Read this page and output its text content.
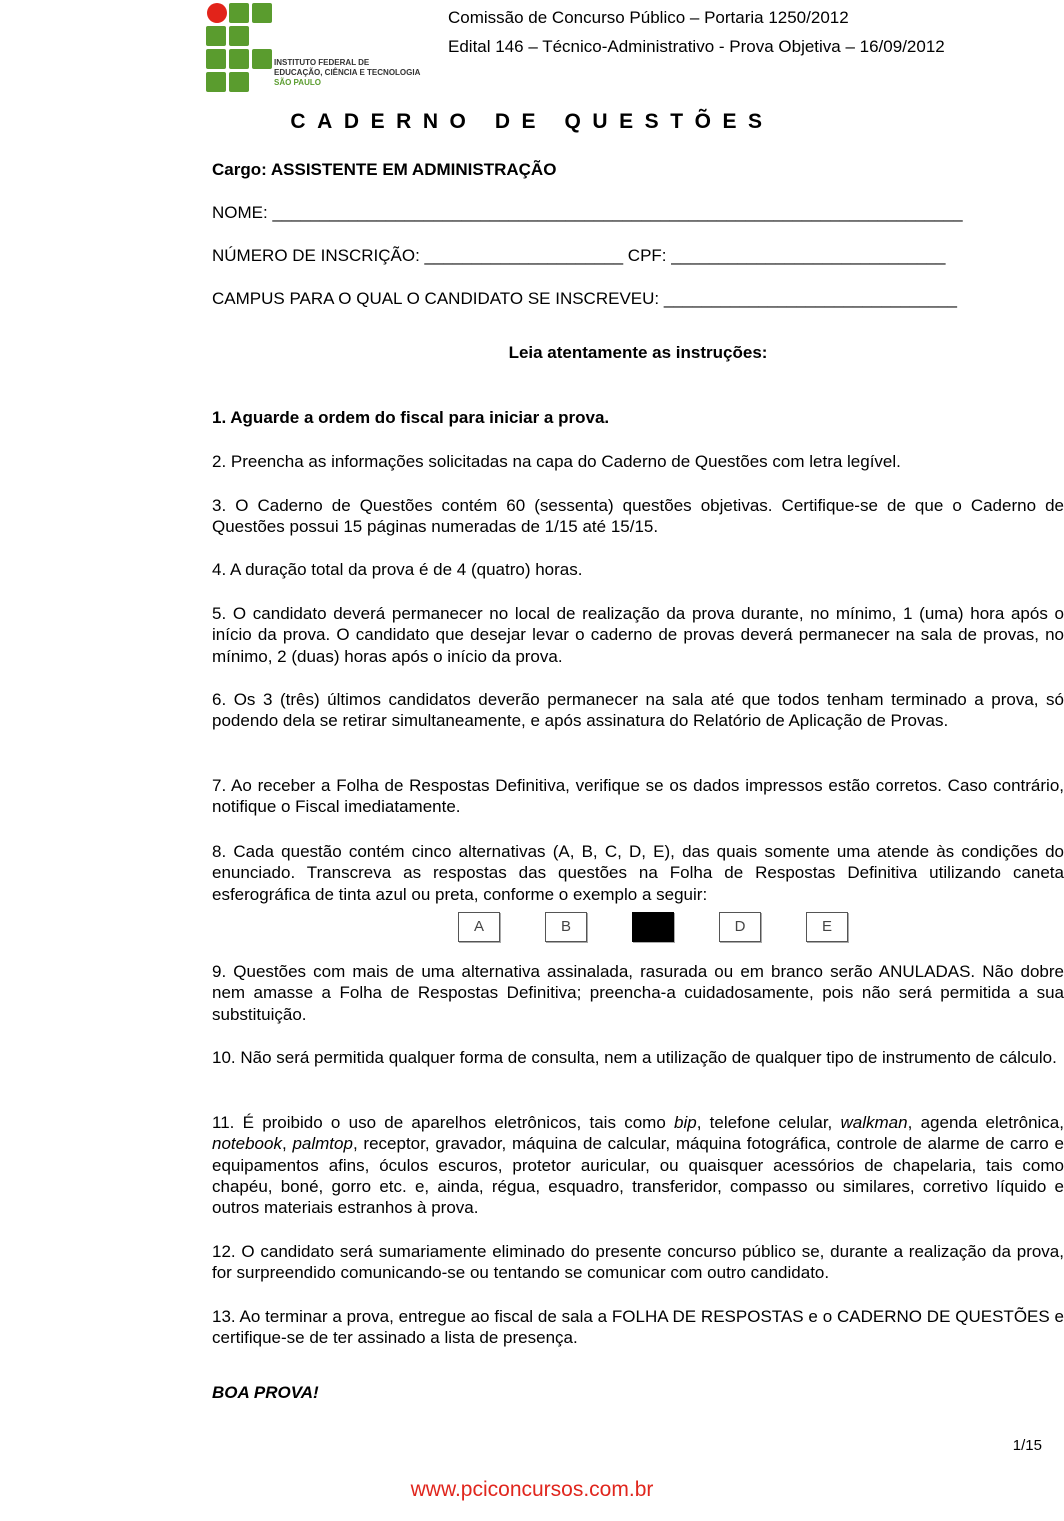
INSTITUTO FEDERAL DE
EDUCAÇÃO, CIÊNCIA E TECNOLOGIA
SÃO PAULO
Comissão de Concurso Público – Portaria 1250/2012
Edital 146 – Técnico-Administrativo - Prova Objetiva – 16/09/2012
CADERNO DE QUESTÕES
Cargo: ASSISTENTE EM ADMINISTRAÇÃO
NOME: _________________________________________________________________________
NÚMERO DE INSCRIÇÃO: _____________________ CPF: _____________________________
CAMPUS PARA O QUAL O CANDIDATO SE INSCREVEU: _______________________________
Leia atentamente as instruções:
1. Aguarde a ordem do fiscal para iniciar a prova.
2. Preencha as informações solicitadas na capa do Caderno de Questões com letra legível.
3. O Caderno de Questões contém 60 (sessenta) questões objetivas. Certifique-se de que o Caderno de Questões possui 15 páginas numeradas de 1/15 até 15/15.
4. A duração total da prova é de 4 (quatro) horas.
5. O candidato deverá permanecer no local de realização da prova durante, no mínimo, 1 (uma) hora após o início da prova. O candidato que desejar levar o caderno de provas deverá permanecer na sala de provas, no mínimo, 2 (duas) horas após o início da prova.
6. Os 3 (três) últimos candidatos deverão permanecer na sala até que todos tenham terminado a prova, só podendo dela se retirar simultaneamente, e após assinatura do Relatório de Aplicação de Provas.
7. Ao receber a Folha de Respostas Definitiva, verifique se os dados impressos estão corretos. Caso contrário, notifique o Fiscal imediatamente.
8. Cada questão contém cinco alternativas (A, B, C, D, E), das quais somente uma atende às condições do enunciado. Transcreva as respostas das questões na Folha de Respostas Definitiva utilizando caneta esferográfica de tinta azul ou preta, conforme o exemplo a seguir:
A	B	D	E
9. Questões com mais de uma alternativa assinalada, rasurada ou em branco serão ANULADAS. Não dobre nem amasse a Folha de Respostas Definitiva; preencha-a cuidadosamente, pois não será permitida a sua substituição.
10. Não será permitida qualquer forma de consulta, nem a utilização de qualquer tipo de instrumento de cálculo.
11. É proibido o uso de aparelhos eletrônicos, tais como bip, telefone celular, walkman, agenda eletrônica, notebook, palmtop, receptor, gravador, máquina de calcular, máquina fotográfica, controle de alarme de carro e equipamentos afins, óculos escuros, protetor auricular, ou quaisquer acessórios de chapelaria, tais como chapéu, boné, gorro etc. e, ainda, régua, esquadro, transferidor, compasso ou similares, corretivo líquido e outros materiais estranhos à prova.
12. O candidato será sumariamente eliminado do presente concurso público se, durante a realização da prova, for surpreendido comunicando-se ou tentando se comunicar com outro candidato.
13. Ao terminar a prova, entregue ao fiscal de sala a FOLHA DE RESPOSTAS e o CADERNO DE QUESTÕES e certifique-se de ter assinado a lista de presença.
BOA PROVA!
1/15
www.pciconcursos.com.br
